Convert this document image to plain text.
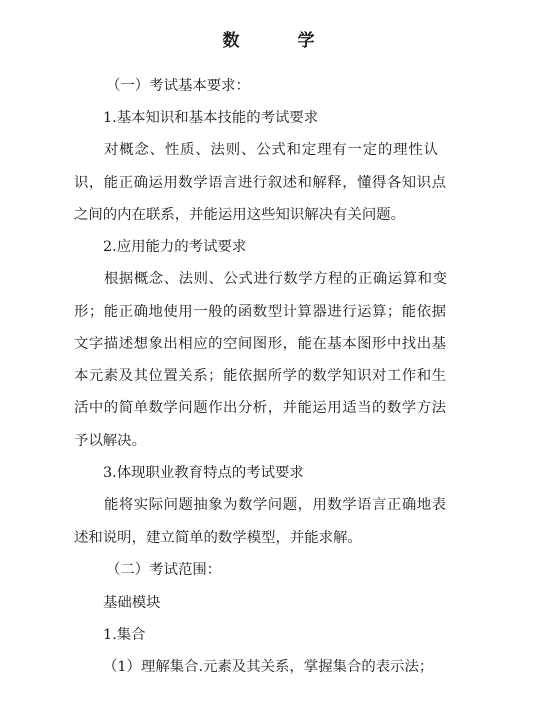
数 学
（一）考试基本要求：
1.基本知识和基本技能的考试要求
对概念、性质、法则、公式和定理有一定的理性认
识，能正确运用数学语言进行叙述和解释，懂得各知识点
之间的内在联系，并能运用这些知识解决有关问题。
2.应用能力的考试要求
根据概念、法则、公式进行数学方程的正确运算和变
形；能正确地使用一般的函数型计算器进行运算；能依据
文字描述想象出相应的空间图形，能在基本图形中找出基
本元素及其位置关系；能依据所学的数学知识对工作和生
活中的简单数学问题作出分析，并能运用适当的数学方法
予以解决。
3.体现职业教育特点的考试要求
能将实际问题抽象为数学问题，用数学语言正确地表
述和说明，建立简单的数学模型，并能求解。
（二）考试范围：
基础模块
1.集合
（1）理解集合.元素及其关系，掌握集合的表示法；
